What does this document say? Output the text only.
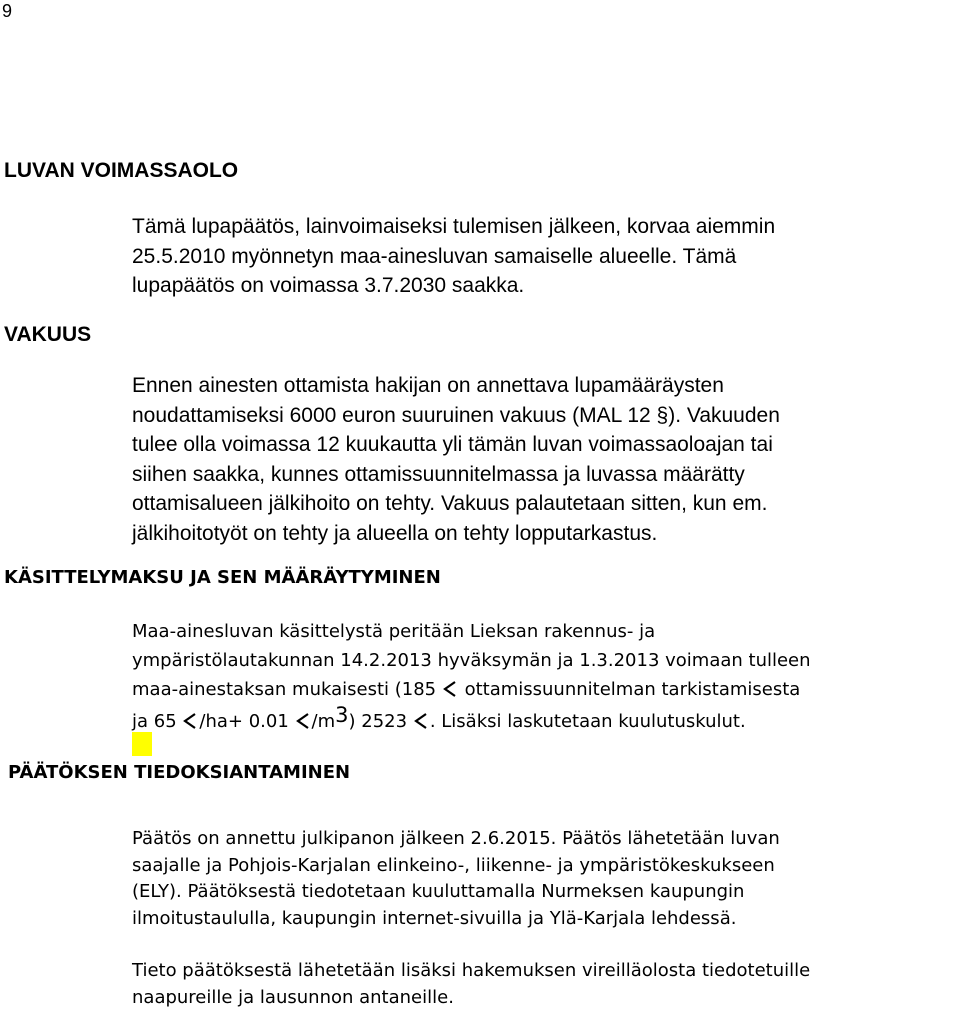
9
LUVAN VOIMASSAOLO
Tämä lupapäätös, lainvoimaiseksi tulemisen jälkeen, korvaa aiemmin
25.5.2010 myönnetyn maa-ainesluvan samaiselle alueelle. Tämä
lupapäätös on voimassa 3.7.2030 saakka.
VAKUUS
Ennen ainesten ottamista hakijan on annettava lupamääräysten
noudattamiseksi 6000 euron suuruinen vakuus (MAL 12 §). Vakuuden
tulee olla voimassa 12 kuukautta yli tämän luvan voimassaoloajan tai
siihen saakka, kunnes ottamissuunnitelmassa ja luvassa määrätty
ottamisalueen jälkihoito on tehty. Vakuus palautetaan sitten, kun em.
jälkihoitotyöt on tehty ja alueella on tehty lopputarkastus.
KÄSITTELYMAKSU JA SEN MÄÄRÄYTYMINEN
Maa-ainesluvan käsittelystä peritään Lieksan rakennus- ja
ympäristölautakunnan 14.2.2013 hyväksymän ja 1.3.2013 voimaan tulleen
maa-ainestaksan mukaisesti (185 ottamissuunnitelman tarkistamisesta
ja 65 /ha+ 0.01 /m3) 2523 . Lisäksi laskutetaan kuulutuskulut.
PÄÄTÖKSEN TIEDOKSIANTAMINEN
Päätös on annettu julkipanon jälkeen 2.6.2015. Päätös lähetetään luvan
saajalle ja Pohjois-Karjalan elinkeino-, liikenne- ja ympäristökeskukseen
(ELY). Päätöksestä tiedotetaan kuuluttamalla Nurmeksen kaupungin
ilmoitustaululla, kaupungin internet-sivuilla ja Ylä-Karjala lehdessä.
Tieto päätöksestä lähetetään lisäksi hakemuksen vireilläolosta tiedotetuille
naapureille ja lausunnon antaneille.
